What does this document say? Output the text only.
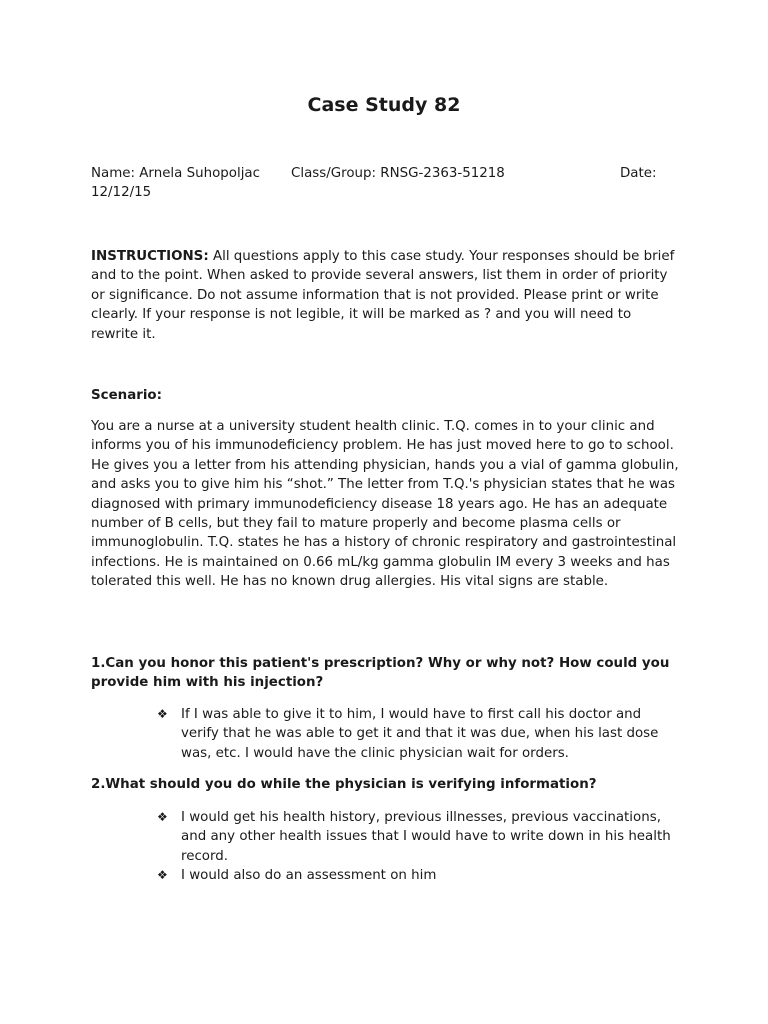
Case Study 82
Name: Arnela Suhopoljac Class/Group: RNSG-2363-51218	Date:
12/12/15

INSTRUCTIONS: All questions apply to this case study. Your responses should be brief and to the point. When asked to provide several answers, list them in order of priority or significance. Do not assume information that is not provided. Please print or write clearly. If your response is not legible, it will be marked as ? and you will need to rewrite it.

Scenario:

You are a nurse at a university student health clinic. T.Q. comes in to your clinic and informs you of his immunodeficiency problem. He has just moved here to go to school. He gives you a letter from his attending physician, hands you a vial of gamma globulin, and asks you to give him his “shot.” The letter from T.Q.'s physician states that he was diagnosed with primary immunodeficiency disease 18 years ago. He has an adequate number of B cells, but they fail to mature properly and become plasma cells or immunoglobulin. T.Q. states he has a history of chronic respiratory and gastrointestinal infections. He is maintained on 0.66 mL/kg gamma globulin IM every 3 weeks and has tolerated this well. He has no known drug allergies. His vital signs are stable.

1.Can you honor this patient's prescription? Why or why not? How could you provide him with his injection?

❖ If I was able to give it to him, I would have to first call his doctor and verify that he was able to get it and that it was due, when his last dose was, etc. I would have the clinic physician wait for orders.

2.What should you do while the physician is verifying information?

❖ I would get his health history, previous illnesses, previous vaccinations, and any other health issues that I would have to write down in his health record.
❖ I would also do an assessment on him
